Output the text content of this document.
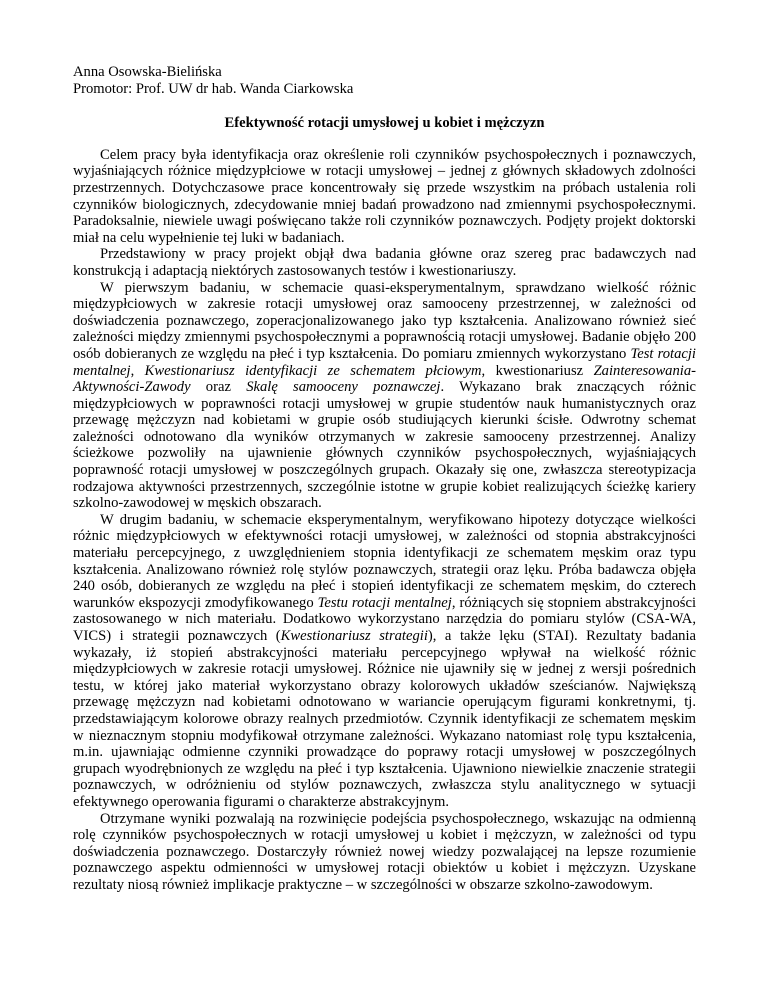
Anna Osowska-Bielińska

Promotor: Prof. UW dr hab. Wanda Ciarkowska

Efektywność rotacji umysłowej u kobiet i mężczyzn

Celem pracy była identyfikacja oraz określenie roli czynników psychospołecznych i poznawczych, wyjaśniających różnice międzypłciowe w rotacji umysłowej – jednej z głównych składowych zdolności przestrzennych. Dotychczasowe prace koncentrowały się przede wszystkim na próbach ustalenia roli czynników biologicznych, zdecydowanie mniej badań prowadzono nad zmiennymi psychospołecznymi. Paradoksalnie, niewiele uwagi poświęcano także roli czynników poznawczych. Podjęty projekt doktorski miał na celu wypełnienie tej luki w badaniach.

Przedstawiony w pracy projekt objął dwa badania główne oraz szereg prac badawczych nad konstrukcją i adaptacją niektórych zastosowanych testów i kwestionariuszy.

W pierwszym badaniu, w schemacie quasi-eksperymentalnym, sprawdzano wielkość różnic międzypłciowych w zakresie rotacji umysłowej oraz samooceny przestrzennej, w zależności od doświadczenia poznawczego, zoperacjonalizowanego jako typ kształcenia. Analizowano również sieć zależności między zmiennymi psychospołecznymi a poprawnością rotacji umysłowej. Badanie objęło 200 osób dobieranych ze względu na płeć i typ kształcenia. Do pomiaru zmiennych wykorzystano Test rotacji mentalnej, Kwestionariusz identyfikacji ze schematem płciowym, kwestionariusz Zainteresowania-Aktywności-Zawody oraz Skalę samooceny poznawczej. Wykazano brak znaczących różnic międzypłciowych w poprawności rotacji umysłowej w grupie studentów nauk humanistycznych oraz przewagę mężczyzn nad kobietami w grupie osób studiujących kierunki ścisłe. Odwrotny schemat zależności odnotowano dla wyników otrzymanych w zakresie samooceny przestrzennej. Analizy ścieżkowe pozwoliły na ujawnienie głównych czynników psychospołecznych, wyjaśniających poprawność rotacji umysłowej w poszczególnych grupach. Okazały się one, zwłaszcza stereotypizacja rodzajowa aktywności przestrzennych, szczególnie istotne w grupie kobiet realizujących ścieżkę kariery szkolno-zawodowej w męskich obszarach.

W drugim badaniu, w schemacie eksperymentalnym, weryfikowano hipotezy dotyczące wielkości różnic międzypłciowych w efektywności rotacji umysłowej, w zależności od stopnia abstrakcyjności materiału percepcyjnego, z uwzględnieniem stopnia identyfikacji ze schematem męskim oraz typu kształcenia. Analizowano również rolę stylów poznawczych, strategii oraz lęku. Próba badawcza objęła 240 osób, dobieranych ze względu na płeć i stopień identyfikacji ze schematem męskim, do czterech warunków ekspozycji zmodyfikowanego Testu rotacji mentalnej, różniących się stopniem abstrakcyjności zastosowanego w nich materiału. Dodatkowo wykorzystano narzędzia do pomiaru stylów (CSA-WA, VICS) i strategii poznawczych (Kwestionariusz strategii), a także lęku (STAI). Rezultaty badania wykazały, iż stopień abstrakcyjności materiału percepcyjnego wpływał na wielkość różnic międzypłciowych w zakresie rotacji umysłowej. Różnice nie ujawniły się w jednej z wersji pośrednich testu, w której jako materiał wykorzystano obrazy kolorowych układów sześcianów. Największą przewagę mężczyzn nad kobietami odnotowano w wariancie operującym figurami konkretnymi, tj. przedstawiającym kolorowe obrazy realnych przedmiotów. Czynnik identyfikacji ze schematem męskim w nieznacznym stopniu modyfikował otrzymane zależności. Wykazano natomiast rolę typu kształcenia, m.in. ujawniając odmienne czynniki prowadzące do poprawy rotacji umysłowej w poszczególnych grupach wyodrębnionych ze względu na płeć i typ kształcenia. Ujawniono niewielkie znaczenie strategii poznawczych, w odróżnieniu od stylów poznawczych, zwłaszcza stylu analitycznego w sytuacji efektywnego operowania figurami o charakterze abstrakcyjnym.

Otrzymane wyniki pozwalają na rozwinięcie podejścia psychospołecznego, wskazując na odmienną rolę czynników psychospołecznych w rotacji umysłowej u kobiet i mężczyzn, w zależności od typu doświadczenia poznawczego. Dostarczyły również nowej wiedzy pozwalającej na lepsze rozumienie poznawczego aspektu odmienności w umysłowej rotacji obiektów u kobiet i mężczyzn. Uzyskane rezultaty niosą również implikacje praktyczne – w szczególności w obszarze szkolno-zawodowym.
